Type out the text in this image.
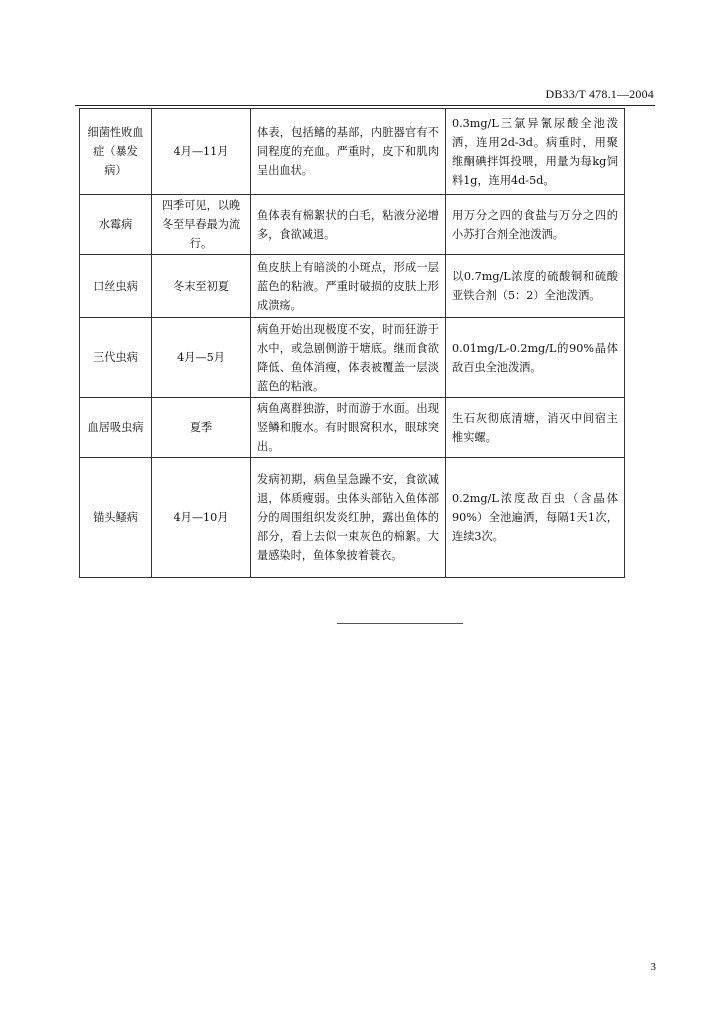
DB33/T 478.1—2004
细菌性败血症（暴发病）	4月—11月	体表，包括鳍的基部，内脏器官有不同程度的充血。严重时，皮下和肌肉呈出血状。	0.3mg/L三氯异氰尿酸全池泼洒，连用2d-3d。病重时，用聚维酮碘拌饵投喂，用量为每kg饲料1g，连用4d-5d。
水霉病	四季可见，以晚冬至早春最为流行。	鱼体表有棉絮状的白毛，粘液分泌增多，食欲减退。	用万分之四的食盐与万分之四的小苏打合剂全池泼洒。
口丝虫病	冬末至初夏	鱼皮肤上有暗淡的小斑点，形成一层蓝色的粘液。严重时破损的皮肤上形成溃疡。	以0.7mg/L浓度的硫酸铜和硫酸亚铁合剂（5：2）全池泼洒。
三代虫病	4月—5月	病鱼开始出现极度不安，时而狂游于水中，或急剧侧游于塘底。继而食欲降低、鱼体消瘦，体表被覆盖一层淡蓝色的粘液。	0.01mg/L-0.2mg/L的90%晶体敌百虫全池泼洒。
血居吸虫病	夏季	病鱼离群独游，时而游于水面。出现竖鳞和腹水。有时眼窝积水，眼球突出。	生石灰彻底清塘，消灭中间宿主椎实螺。
锚头鳋病	4月—10月	发病初期，病鱼呈急躁不安，食欲减退，体质瘦弱。虫体头部钻入鱼体部分的周围组织发炎红肿，露出鱼体的部分，看上去似一束灰色的棉絮。大量感染时，鱼体象披着蓑衣。	0.2mg/L浓度敌百虫（含晶体90%）全池遍洒，每隔1天1次，连续3次。
3
